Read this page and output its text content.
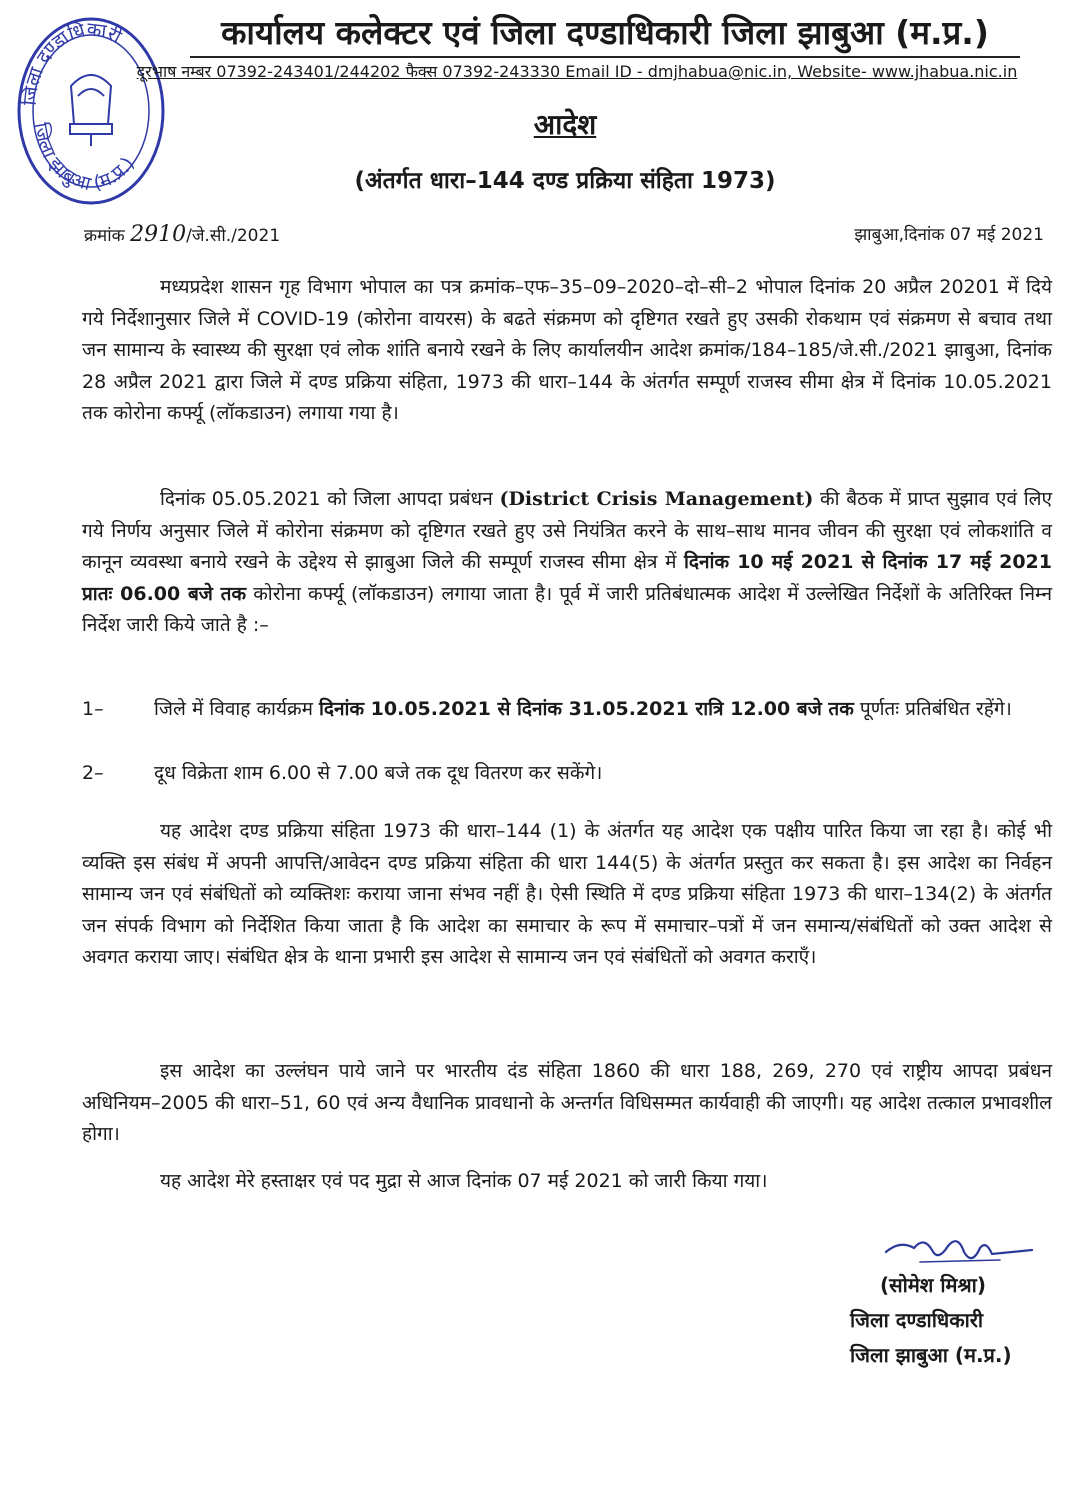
जिला दण्डाधिकारी
जिला झाबुआ (म.प्र.)
कार्यालय कलेक्टर एवं जिला दण्डाधिकारी जिला झाबुआ (म.प्र.)
दूरभाष नम्बर 07392-243401/244202 फैक्स 07392-243330 Email ID - dmjhabua@nic.in, Website- www.jhabua.nic.in
आदेश
(अंतर्गत धारा–144 दण्ड प्रक्रिया संहिता 1973)
क्रमांक 2910/जे.सी./2021	झाबुआ,दिनांक 07 मई 2021

मध्यप्रदेश शासन गृह विभाग भोपाल का पत्र क्रमांक–एफ–35–09–2020–दो–सी–2 भोपाल दिनांक 20 अप्रैल 20201 में दिये गये निर्देशानुसार जिले में COVID-19 (कोरोना वायरस) के बढते संक्रमण को दृष्टिगत रखते हुए उसकी रोकथाम एवं संक्रमण से बचाव तथा जन सामान्य के स्वास्थ्य की सुरक्षा एवं लोक शांति बनाये रखने के लिए कार्यालयीन आदेश क्रमांक/184–185/जे.सी./2021 झाबुआ, दिनांक 28 अप्रैल 2021 द्वारा जिले में दण्ड प्रक्रिया संहिता, 1973 की धारा–144 के अंतर्गत सम्पूर्ण राजस्व सीमा क्षेत्र में दिनांक 10.05.2021 तक कोरोना कर्फ्यू (लॉकडाउन) लगाया गया है।

दिनांक 05.05.2021 को जिला आपदा प्रबंधन (District Crisis Management) की बैठक में प्राप्त सुझाव एवं लिए गये निर्णय अनुसार जिले में कोरोना संक्रमण को दृष्टिगत रखते हुए उसे नियंत्रित करने के साथ–साथ मानव जीवन की सुरक्षा एवं लोकशांति व कानून व्यवस्था बनाये रखने के उद्देश्य से झाबुआ जिले की सम्पूर्ण राजस्व सीमा क्षेत्र में दिनांक 10 मई 2021 से दिनांक 17 मई 2021 प्रातः 06.00 बजे तक कोरोना कर्फ्यू (लॉकडाउन) लगाया जाता है। पूर्व में जारी प्रतिबंधात्मक आदेश में उल्लेखित निर्देशों के अतिरिक्त निम्न निर्देश जारी किये जाते है :–

1–	जिले में विवाह कार्यक्रम दिनांक 10.05.2021 से दिनांक 31.05.2021 रात्रि 12.00 बजे तक पूर्णतः प्रतिबंधित रहेंगे।
2–	दूध विक्रेता शाम 6.00 से 7.00 बजे तक दूध वितरण कर सकेंगे।

यह आदेश दण्ड प्रक्रिया संहिता 1973 की धारा–144 (1) के अंतर्गत यह आदेश एक पक्षीय पारित किया जा रहा है। कोई भी व्यक्ति इस संबंध में अपनी आपत्ति/आवेदन दण्ड प्रक्रिया संहिता की धारा 144(5) के अंतर्गत प्रस्तुत कर सकता है। इस आदेश का निर्वहन सामान्य जन एवं संबंधितों को व्यक्तिशः कराया जाना संभव नहीं है। ऐसी स्थिति में दण्ड प्रक्रिया संहिता 1973 की धारा–134(2) के अंतर्गत जन संपर्क विभाग को निर्देशित किया जाता है कि आदेश का समाचार के रूप में समाचार–पत्रों में जन समान्य/संबंधितों को उक्त आदेश से अवगत कराया जाए। संबंधित क्षेत्र के थाना प्रभारी इस आदेश से सामान्य जन एवं संबंधितों को अवगत कराएँ।

इस आदेश का उल्लंघन पाये जाने पर भारतीय दंड संहिता 1860 की धारा 188, 269, 270 एवं राष्ट्रीय आपदा प्रबंधन अधिनियम–2005 की धारा–51, 60 एवं अन्य वैधानिक प्रावधानो के अन्तर्गत विधिसम्मत कार्यवाही की जाएगी। यह आदेश तत्काल प्रभावशील होगा।

यह आदेश मेरे हस्ताक्षर एवं पद मुद्रा से आज दिनांक 07 मई 2021 को जारी किया गया।

(सोमेश मिश्रा)
जिला दण्डाधिकारी
जिला झाबुआ (म.प्र.)
